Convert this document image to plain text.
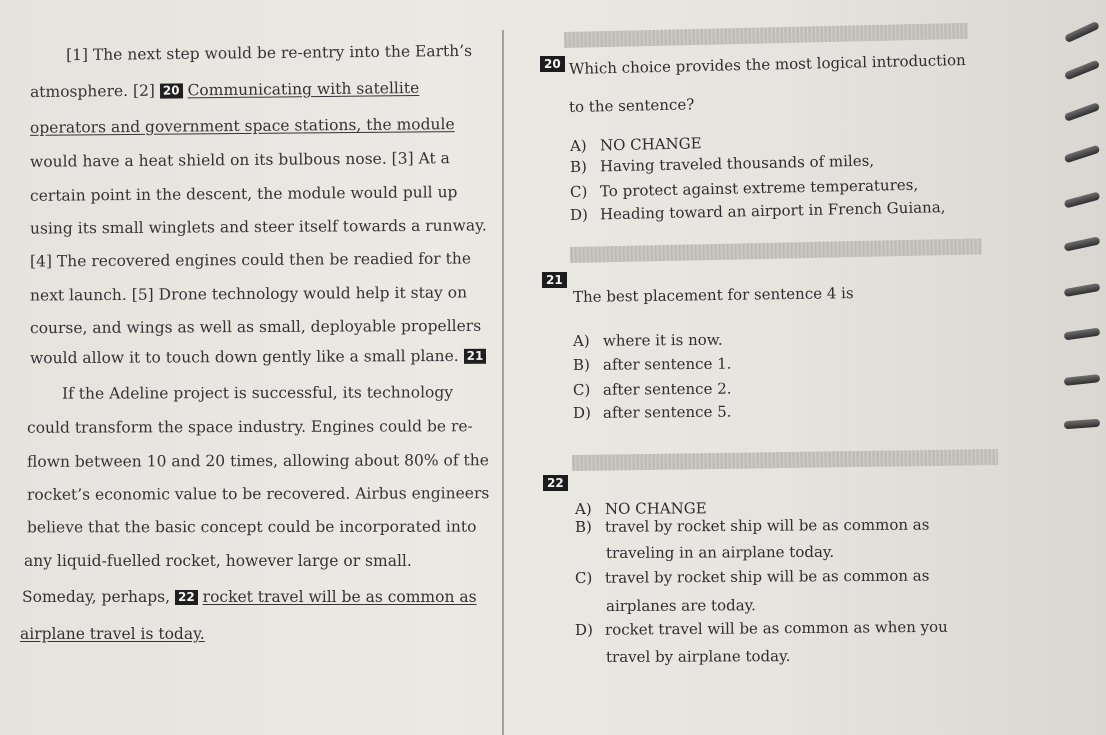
[1] The next step would be re-entry into the Earth’s
atmosphere. [2] 20 Communicating with satellite
operators and government space stations, the module
would have a heat shield on its bulbous nose. [3] At a
certain point in the descent, the module would pull up
using its small winglets and steer itself towards a runway.
[4] The recovered engines could then be readied for the
next launch. [5] Drone technology would help it stay on
course, and wings as well as small, deployable propellers
would allow it to touch down gently like a small plane. 21
If the Adeline project is successful, its technology
could transform the space industry. Engines could be re-
flown between 10 and 20 times, allowing about 80% of the
rocket’s economic value to be recovered. Airbus engineers
believe that the basic concept could be incorporated into
any liquid-fuelled rocket, however large or small.
Someday, perhaps, 22 rocket travel will be as common as
airplane travel is today.
20 Which choice provides the most logical introduction
to the sentence?
A) NO CHANGE
B) Having traveled thousands of miles,
C) To protect against extreme temperatures,
D) Heading toward an airport in French Guiana,
21
The best placement for sentence 4 is
A) where it is now.
B) after sentence 1.
C) after sentence 2.
D) after sentence 5.
22
A) NO CHANGE
B) travel by rocket ship will be as common as
traveling in an airplane today.
C) travel by rocket ship will be as common as
airplanes are today.
D) rocket travel will be as common as when you
travel by airplane today.
